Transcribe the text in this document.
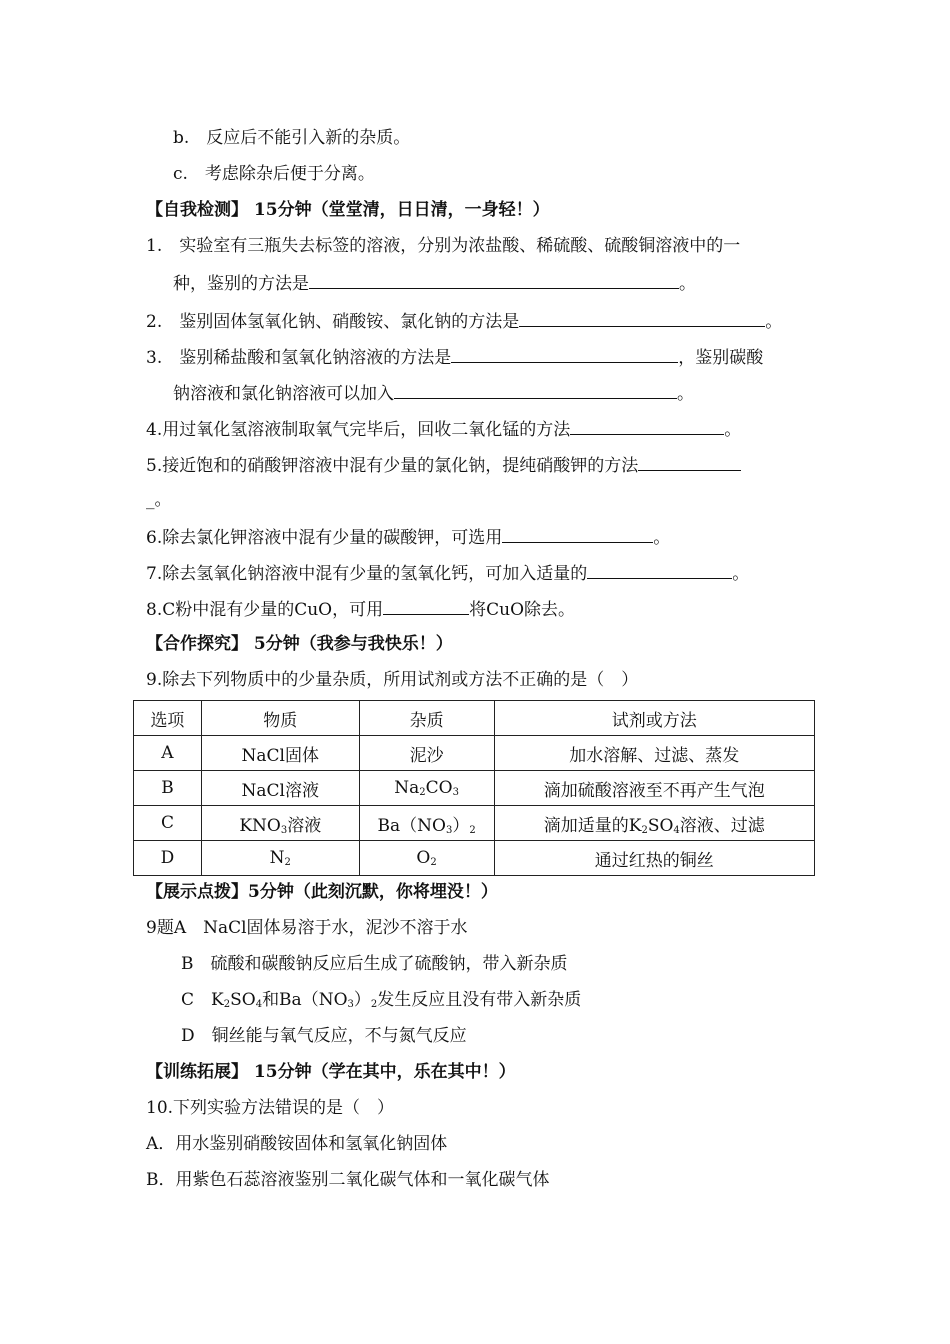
b.　反应后不能引入新的杂质。
c.　考虑除杂后便于分离。
【自我检测】 15分钟（堂堂清，日日清，一身轻！）
1.　实验室有三瓶失去标签的溶液，分别为浓盐酸、稀硫酸、硫酸铜溶液中的一
种，鉴别的方法是	。
2.　鉴别固体氢氧化钠、硝酸铵、氯化钠的方法是	。
3.　鉴别稀盐酸和氢氧化钠溶液的方法是	，鉴别碳酸
钠溶液和氯化钠溶液可以加入	。
4.用过氧化氢溶液制取氧气完毕后，回收二氧化锰的方法	。
5.接近饱和的硝酸钾溶液中混有少量的氯化钠，提纯硝酸钾的方法
_。
6.除去氯化钾溶液中混有少量的碳酸钾，可选用	。
7.除去氢氧化钠溶液中混有少量的氢氧化钙，可加入适量的	。
8.C粉中混有少量的CuO，可用	将CuO除去。
【合作探究】 5分钟（我参与我快乐！）
9.除去下列物质中的少量杂质，所用试剂或方法不正确的是（　）
选项	物质	杂质	试剂或方法
A	NaCl固体	泥沙	加水溶解、过滤、蒸发
B	NaCl溶液	$Na_2CO_3$	滴加硫酸溶液至不再产生气泡
C	$KNO_3$溶液	$Ba(NO_3)_2$	滴加适量的$K_2SO_4$溶液、过滤
D	$N_2$	$O_2$	通过红热的铜丝
【展示点拨】5分钟（此刻沉默，你将埋没！）
9题A　NaCl固体易溶于水，泥沙不溶于水
B　硫酸和碳酸钠反应后生成了硫酸钠，带入新杂质
C　$K_2SO_4$和$Ba(NO_3)_2$发生反应且没有带入新杂质
D　铜丝能与氧气反应，不与氮气反应
【训练拓展】 15分钟（学在其中，乐在其中！）
10.下列实验方法错误的是（　）
A．用水鉴别硝酸铵固体和氢氧化钠固体
B．用紫色石蕊溶液鉴别二氧化碳气体和一氧化碳气体
